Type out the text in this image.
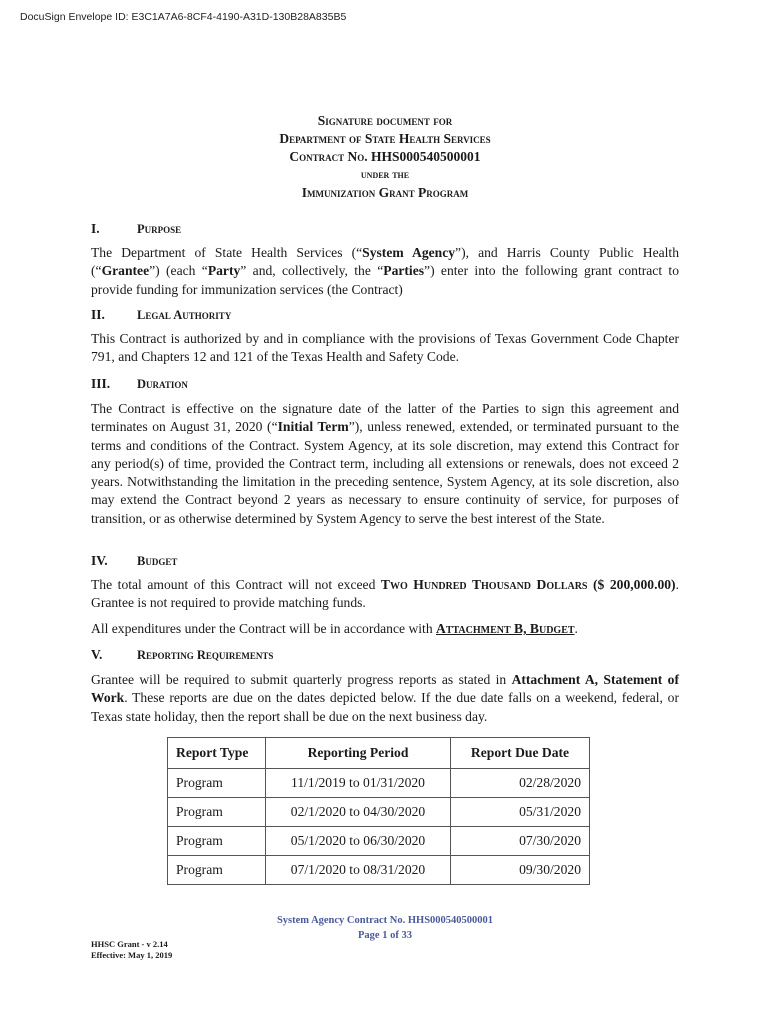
DocuSign Envelope ID: E3C1A7A6-8CF4-4190-A31D-130B28A835B5
Signature document for
Department of State Health Services
Contract No. HHS000540500001
under the
Immunization Grant Program
I.	Purpose
The Department of State Health Services (“System Agency”), and Harris County Public Health (“Grantee”) (each “Party” and, collectively, the “Parties”) enter into the following grant contract to provide funding for immunization services (the Contract)
II.	Legal Authority
This Contract is authorized by and in compliance with the provisions of Texas Government Code Chapter 791, and Chapters 12 and 121 of the Texas Health and Safety Code.
III. Duration
The Contract is effective on the signature date of the latter of the Parties to sign this agreement and terminates on August 31, 2020 (“Initial Term”), unless renewed, extended, or terminated pursuant to the terms and conditions of the Contract. System Agency, at its sole discretion, may extend this Contract for any period(s) of time, provided the Contract term, including all extensions or renewals, does not exceed 2 years. Notwithstanding the limitation in the preceding sentence, System Agency, at its sole discretion, also may extend the Contract beyond 2 years as necessary to ensure continuity of service, for purposes of transition, or as otherwise determined by System Agency to serve the best interest of the State.
IV. Budget
The total amount of this Contract will not exceed Two Hundred Thousand Dollars ($ 200,000.00). Grantee is not required to provide matching funds.
All expenditures under the Contract will be in accordance with Attachment B, Budget.
V.	Reporting Requirements
Grantee will be required to submit quarterly progress reports as stated in Attachment A, Statement of Work. These reports are due on the dates depicted below. If the due date falls on a weekend, federal, or Texas state holiday, then the report shall be due on the next business day.
Report Type	Reporting Period	Report Due Date
Program	11/1/2019 to 01/31/2020	02/28/2020
Program	02/1/2020 to 04/30/2020	05/31/2020
Program	05/1/2020 to 06/30/2020	07/30/2020
Program	07/1/2020 to 08/31/2020	09/30/2020
System Agency Contract No. HHS000540500001
Page 1 of 33
HHSC Grant - v 2.14
Effective: May 1, 2019
